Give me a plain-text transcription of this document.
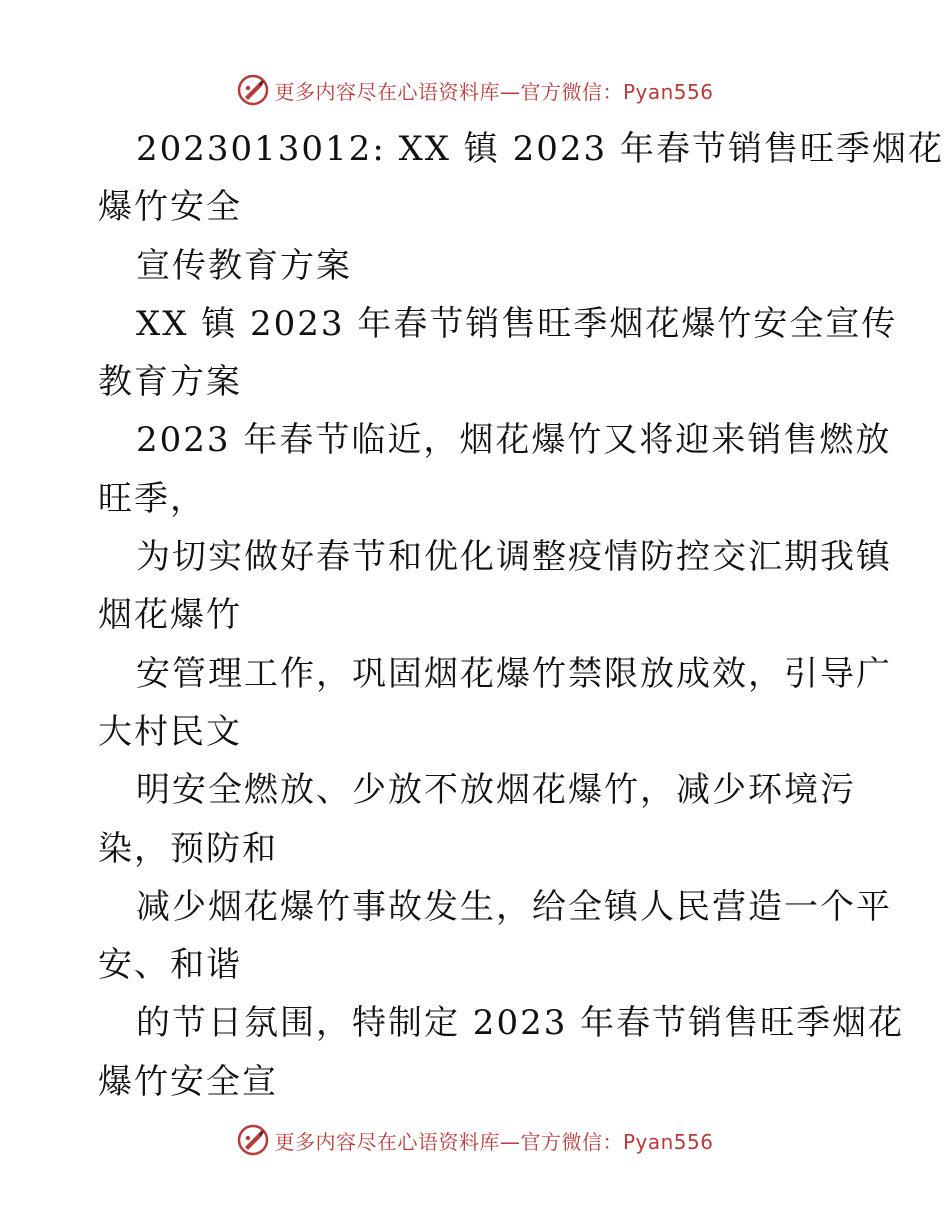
更多内容尽在心语资料库—官方微信：Pyan556
2023013012: XX 镇 2023 年春节销售旺季烟花
爆竹安全
宣传教育方案
XX 镇 2023 年春节销售旺季烟花爆竹安全宣传
教育方案
2023 年春节临近，烟花爆竹又将迎来销售燃放
旺季，
为切实做好春节和优化调整疫情防控交汇期我镇
烟花爆竹
安管理工作，巩固烟花爆竹禁限放成效，引导广
大村民文
明安全燃放、少放不放烟花爆竹，减少环境污
染，预防和
减少烟花爆竹事故发生，给全镇人民营造一个平
安、和谐
的节日氛围，特制定 2023 年春节销售旺季烟花
爆竹安全宣
更多内容尽在心语资料库—官方微信：Pyan556
